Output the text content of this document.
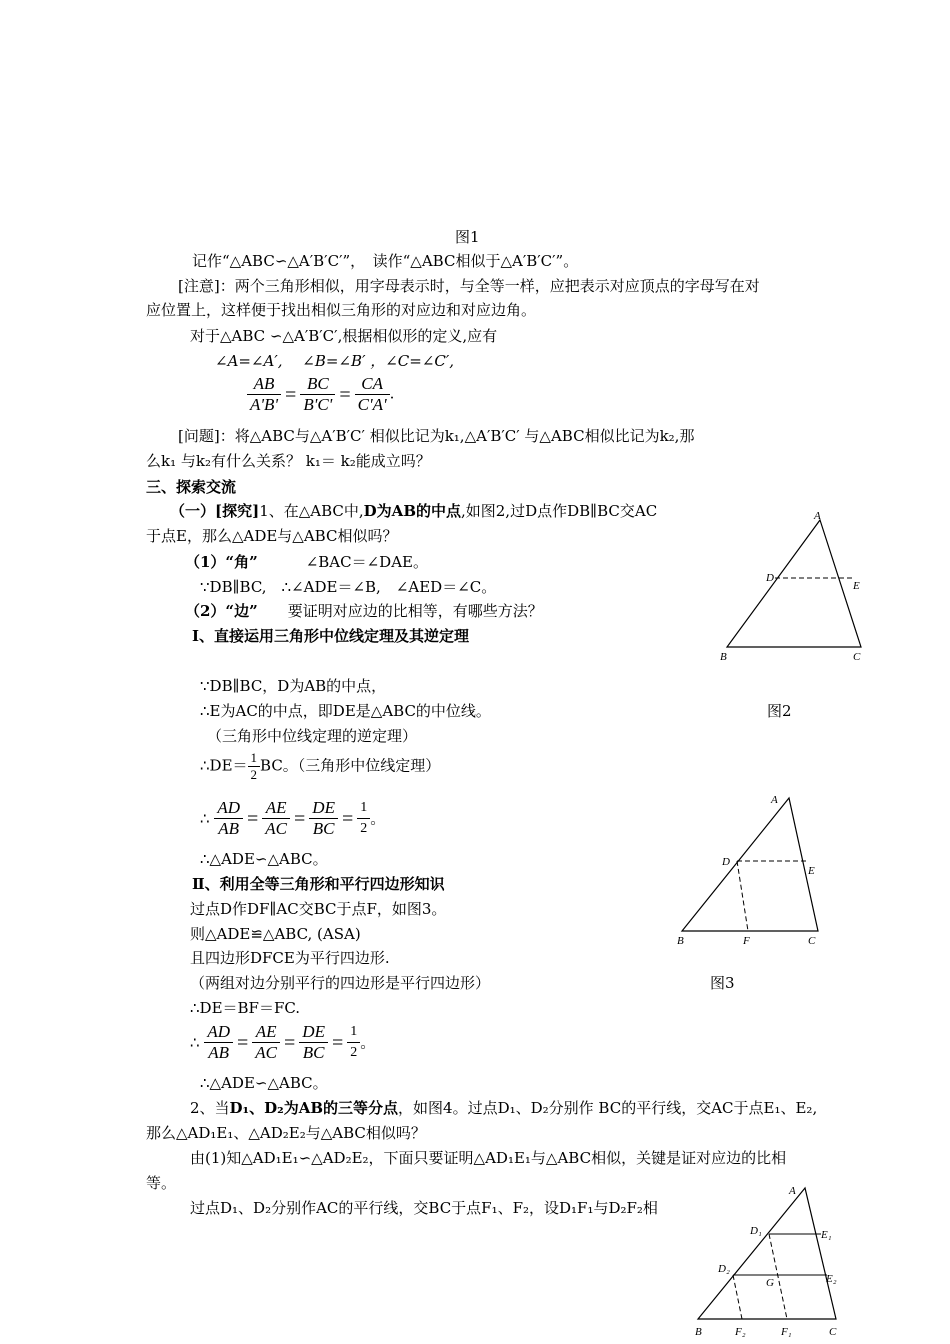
图1
记作“△ABC∽△A′B′C′”，　读作“△ABC相似于△A′B′C′”。
[注意]：两个三角形相似，用字母表示时，与全等一样，应把表示对应顶点的字母写在对
应位置上，这样便于找出相似三角形的对应边和对应边角。
对于△ABC ∽△A′B′C′,根据相似形的定义,应有
∠A=∠A′,　 ∠B=∠B′ ，∠C=∠C′,
$\frac{AB}{A'B'} = \frac{BC}{B'C'} = \frac{CA}{C'A'}$ .
[问题]：将△ABC与△A′B′C′ 相似比记为k₁,△A′B′C′ 与△ABC相似比记为k₂,那
么k₁ 与k₂有什么关系？ k₁＝ k₂能成立吗？
三、探索交流
（一）[探究]1、在△ABC中,D为AB的中点,如图2,过D点作DB∥BC交AC
于点E，那么△ADE与△ABC相似吗？
（1）“角”	∠BAC＝∠DAE。
∵DB∥BC,　∴∠ADE＝∠B,　∠AED＝∠C。
（2）“边” 要证明对应边的比相等，有哪些方法？
Ⅰ、直接运用三角形中位线定理及其逆定理
∵DB∥BC，D为AB的中点，
∴E为AC的中点，即DE是△ABC的中位线。	图2
（三角形中位线定理的逆定理）
∴DE＝ $\frac{1}{2}$ BC。（三角形中位线定理）
∴ $\frac{AD}{AB} = \frac{AE}{AC} = \frac{DE}{BC} = \frac{1}{2}$ 。
∴△ADE∽△ABC。
Ⅱ、利用全等三角形和平行四边形知识
过点D作DF∥AC交BC于点F，如图3。
则△ADE≌△ABC, (ASA)
且四边形DFCE为平行四边形.
（两组对边分别平行的四边形是平行四边形）	图3
∴DE＝BF＝FC.
∴ $\frac{AD}{AB} = \frac{AE}{AC} = \frac{DE}{BC} = \frac{1}{2}$ 。
∴△ADE∽△ABC。
2、当D₁、D₂为AB的三等分点，如图4。过点D₁、D₂分别作 BC的平行线，交AC于点E₁、E₂,
那么△AD₁E₁、△AD₂E₂与△ABC相似吗？
由(1)知△AD₁E₁∽△AD₂E₂，下面只要证明△AD₁E₁与△ABC相似，关键是证对应边的比相
等。
过点D₁、D₂分别作AC的平行线，交BC于点F₁、F₂，设D₁F₁与D₂F₂相
A
D
E
B	C
A
D
E
B	F	C
A
D₁	E₁
D₂
G	E₂
B	F₂	F₁	C
